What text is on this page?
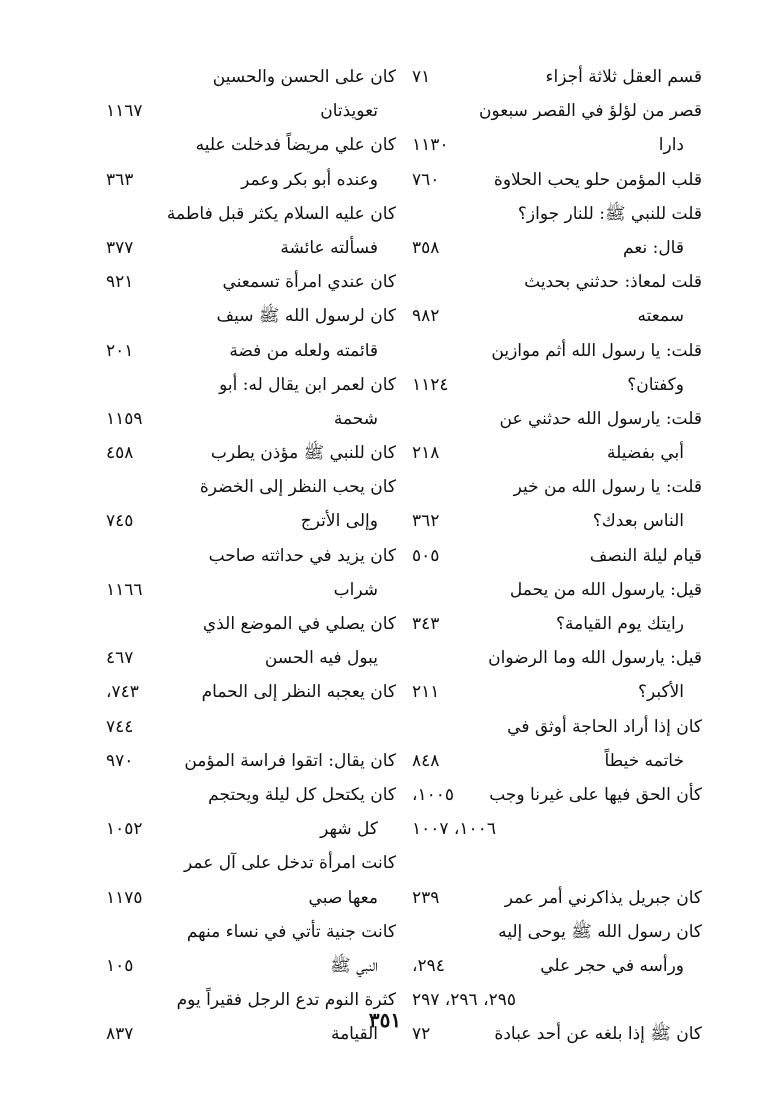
قسم العقل ثلاثة أجزاء
٧١
قصر من لؤلؤ في القصر سبعون
دارا
١١٣٠
قلب المؤمن حلو يحب الحلاوة
٧٦٠
قلت للنبي ﷺ: للنار جواز؟
قال: نعم
٣٥٨
قلت لمعاذ: حدثني بحديث
سمعته
٩٨٢
قلت: يا رسول الله أثم موازين
وكفتان؟
١١٢٤
قلت: يارسول الله حدثني عن
أبي بفضيلة
٢١٨
قلت: يا رسول الله من خير
الناس بعدك؟
٣٦٢
قيام ليلة النصف
٥٠٥
قيل: يارسول الله من يحمل
رايتك يوم القيامة؟
٣٤٣
قيل: يارسول الله وما الرضوان
الأكبر؟
٢١١
كان إذا أراد الحاجة أوثق في
خاتمه خيطاً
٨٤٨
كأن الحق فيها على غيرنا وجب
١٠٠٥،
١٠٠٦، ١٠٠٧
كان جبريل يذاكرني أمر عمر
٢٣٩
كان رسول الله ﷺ يوحى إليه
ورأسه في حجر علي
٢٩٤،
٢٩٥، ٢٩٦، ٢٩٧
كان ﷺ إذا بلغه عن أحد عبادة
٧٢
كان على الحسن والحسين
تعويذتان
١١٦٧
كان علي مريضاً فدخلت عليه
وعنده أبو بكر وعمر
٣٦٣
كان عليه السلام يكثر قبل فاطمة
فسألته عائشة
٣٧٧
كان عندي امرأة تسمعني
٩٢١
كان لرسول الله ﷺ سيف
قائمته ولعله من فضة
٢٠١
كان لعمر ابن يقال له: أبو
شحمة
١١٥٩
كان للنبي ﷺ مؤذن يطرب
٤٥٨
كان يحب النظر إلى الخضرة
وإلى الأترج
٧٤٥
كان يزيد في حداثته صاحب
شراب
١١٦٦
كان يصلي في الموضع الذي
يبول فيه الحسن
٤٦٧
كان يعجبه النظر إلى الحمام
٧٤٣،
٧٤٤
كان يقال: اتقوا فراسة المؤمن
٩٧٠
كان يكتحل كل ليلة ويحتجم
كل شهر
١٠٥٢
كانت امرأة تدخل على آل عمر
معها صبي
١١٧٥
كانت جنية تأتي في نساء منهم
النبي ﷺ
١٠٥
كثرة النوم تدع الرجل فقيراً يوم
القيامة
٨٣٧
٣٥١
